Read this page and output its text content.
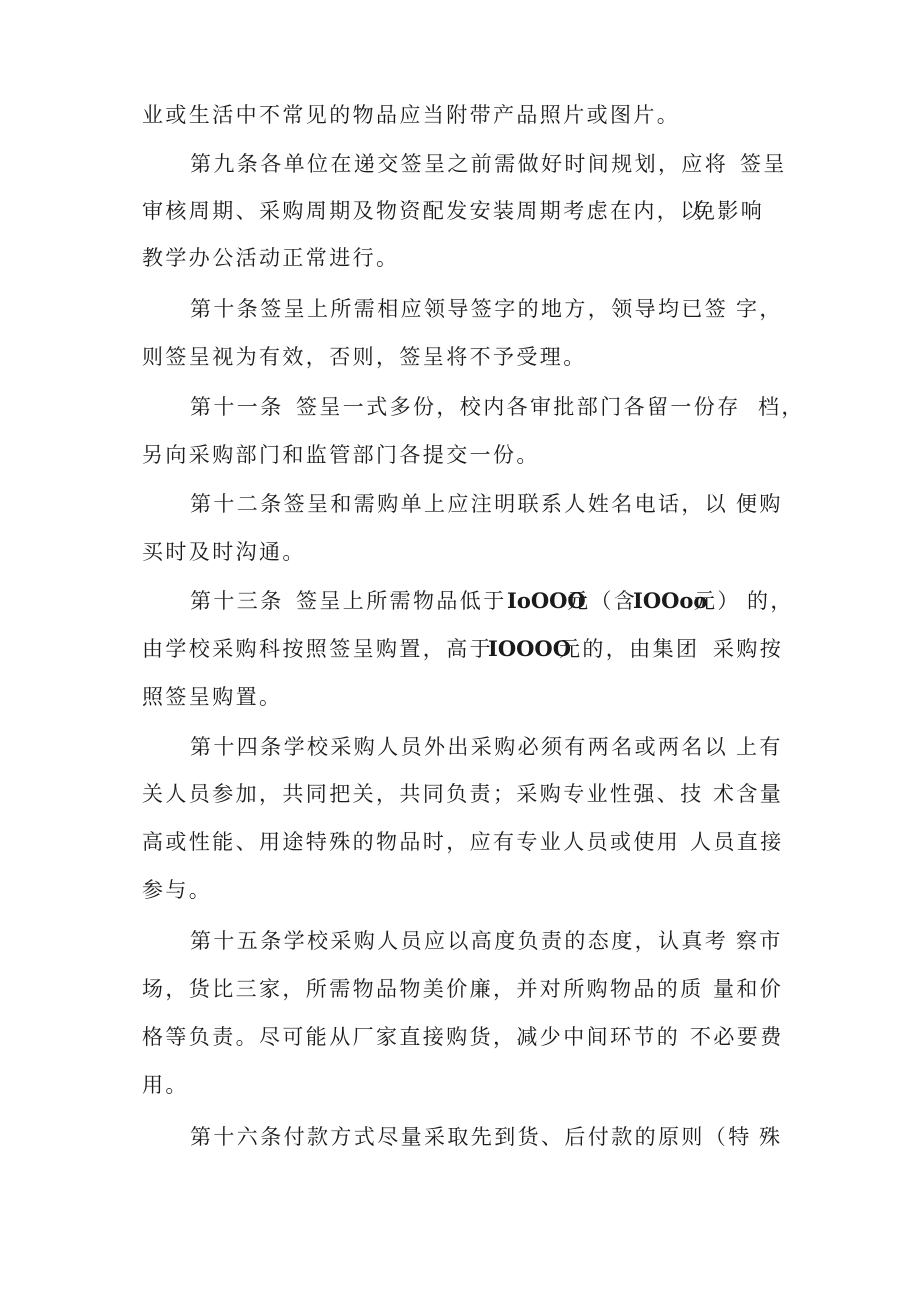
业或生活中不常见的物品应当附带产品照片或图片。
第九条各单位在递交签呈之前需做好时间规划，应将 签呈
审核周期、采购周期及物资配发安装周期考虑在内，以
免影响
教学办公活动正常进行。
第十条签呈上所需相应领导签字的地方，领导均已签 字，
则签呈视为有效，否则，签呈将不予受理。
第十一条 签呈一式多份，校内各审批部门各留一份存 档，
另向采购部门和监管部门各提交一份。
第十二条签呈和需购单上应注明联系人姓名电话，以 便购
买时及时沟通。
第十三条 签呈上所需物品低于 IoOOO
元（含
IOOoo
元） 的，
由学校采购科按照签呈购置，高于
IOOOO
元的，由集团 采购按
照签呈购置。
第十四条学校采购人员外出采购必须有两名或两名以 上有
关人员参加，共同把关，共同负责；采购专业性强、技 术含量
高或性能、用途特殊的物品时，应有专业人员或使用 人员直接
参与。
第十五条学校采购人员应以高度负责的态度，认真考 察市
场，货比三家，所需物品物美价廉，并对所购物品的质 量和价
格等负责。尽可能从厂家直接购货，减少中间环节的 不必要费
用。
第十六条付款方式尽量采取先到货、后付款的原则（特 殊
